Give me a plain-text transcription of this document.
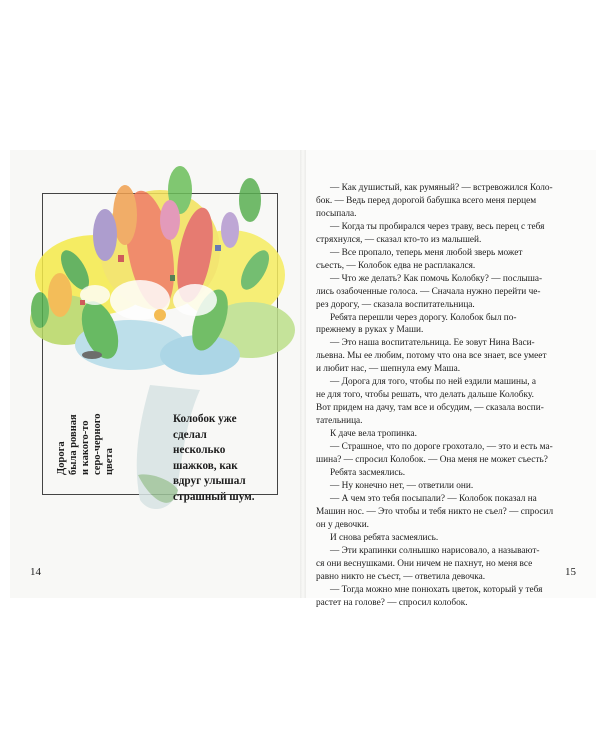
Дорога была ровная и какого-то серо-черного цвета
Колобок уже
сделал
несколько
шажков, как
вдруг улышал
страшный шум.
14

— Как душистый, как румяный? — встревожился Коло-

бок. — Ведь перед дорогой бабушка всего меня перцем

посыпала.

— Когда ты пробирался через траву, весь перец с тебя

стряхнулся, — сказал кто-то из малышей.

— Все пропало, теперь меня любой зверь может

съесть, — Колобок едва не расплакался.

— Что же делать? Как помочь Колобку? — послыша-

лись озабоченные голоса. — Сначала нужно перейти че-

рез дорогу, — сказала воспитательница.

Ребята перешли через дорогу. Колобок был по-

прежнему в руках у Маши.

— Это наша воспитательница. Ее зовут Нина Васи-

льевна. Мы ее любим, потому что она все знает, все умеет

и любит нас, — шепнула ему Маша.

— Дорога для того, чтобы по ней ездили машины, а

не для того, чтобы решать, что делать дальше Колобку.

Вот придем на дачу, там все и обсудим, — сказала воспи-

тательница.

К даче вела тропинка.

— Страшное, что по дороге грохотало, — это и есть ма-

шина? — спросил Колобок. — Она меня не может съесть?

Ребята засмеялись.

— Ну конечно нет, — ответили они.

— А чем это тебя посыпали? — Колобок показал на

Машин нос. — Это чтобы и тебя никто не съел? — спросил

он у девочки.

И снова ребята засмеялись.

— Эти крапинки солнышко нарисовало, а называют-

ся они веснушками. Они ничем не пахнут, но меня все

равно никто не съест, — ответила девочка.

— Тогда можно мне понюхать цветок, который у тебя

растет на голове? — спросил колобок.

15
